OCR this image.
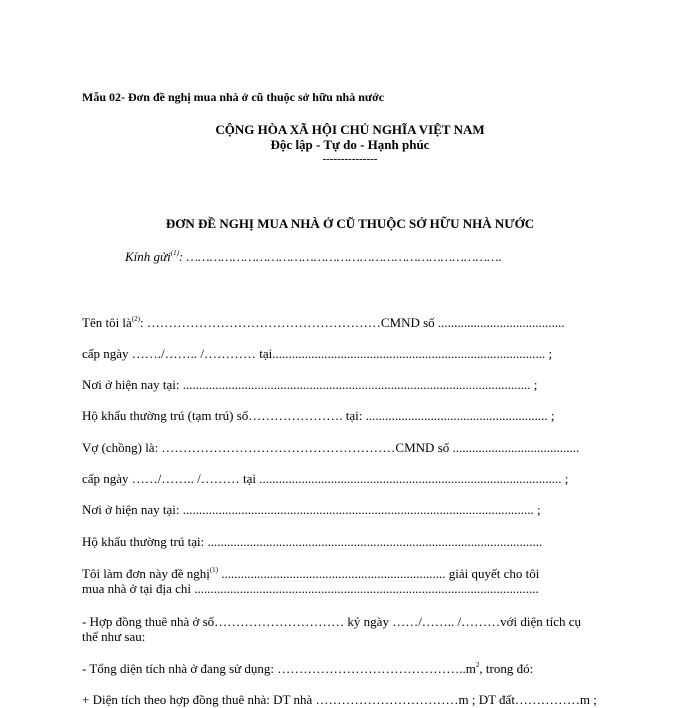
Mẫu 02- Đơn đề nghị mua nhà ở cũ thuộc sở hữu nhà nước
CỘNG HÒA XÃ HỘI CHỦ NGHĨA VIỆT NAM
Độc lập - Tự do - Hạnh phúc
---------------
ĐƠN ĐỀ NGHỊ MUA NHÀ Ở CŨ THUỘC SỞ HỮU NHÀ NƯỚC
Kính gửi$^{(1)}$: ……………………………………………………………………….
Tên tôi $là^{(2)}$: ………………………………………………CMND số .......................................
cấp ngày ……./…….. /………… tại.................................................................................... ;
Nơi ở hiện nay tại: ........................................................................................................... ;
Hộ khẩu thường trú (tạm trú) số…………………. tại: ........................................................ ;
Vợ (chồng) là: ………………………………………………CMND số .......................................
cấp ngày ……/…….. /……… tại ............................................................................................. ;
Nơi ở hiện nay tại: ............................................................................................................ ;
Hộ khẩu thường trú tại: .......................................................................................................
Tôi làm đơn này đề nghị$^{(1)}$ ..................................................................... giải quyết cho tôi
mua nhà ở tại địa chỉ ..........................................................................................................
- Hợp đồng thuê nhà ở số………………………… ký ngày ……/…….. /………với diện tích cụ
thể như sau:
- Tổng diện tích nhà ở đang sử dụng: $\dots\dots\dots\dots\dots\dots\dots\dots\dots\dots\dots\dots\dots\dots..m^2$, trong đó:
+ Diện tích theo hợp đồng thuê nhà: DT nhà ……………………………m ; DT đất……………m ;
